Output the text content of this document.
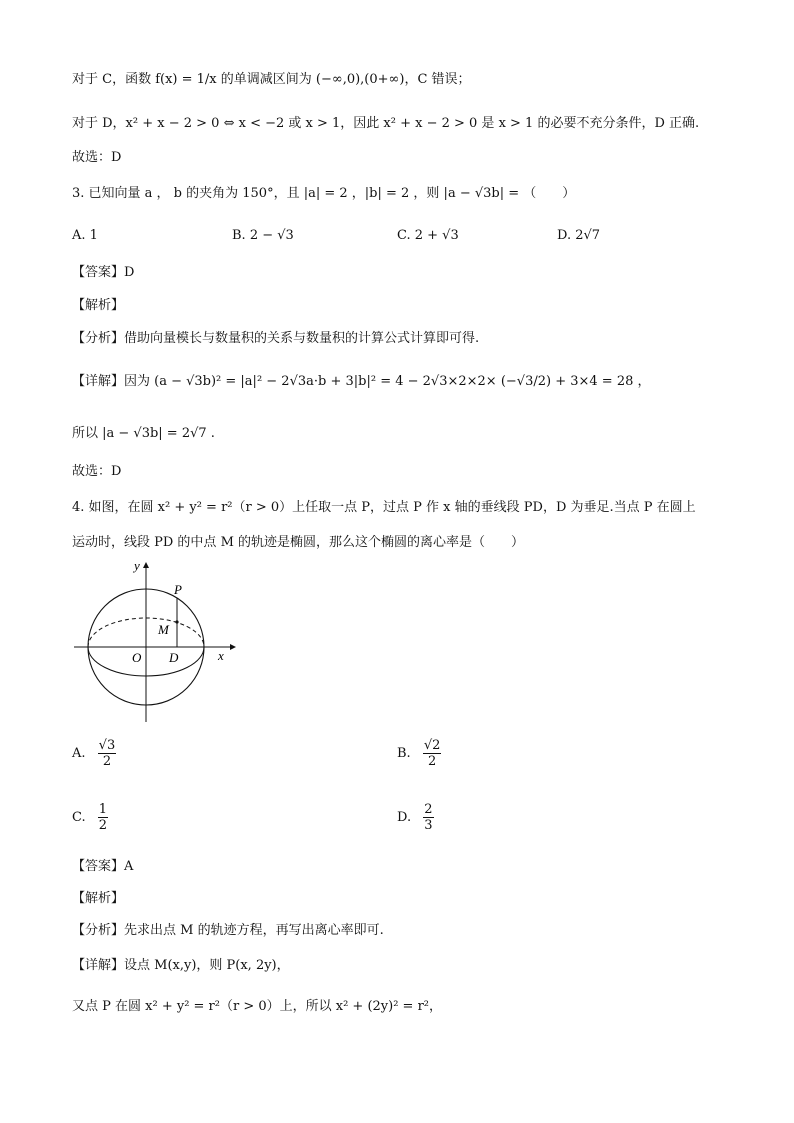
对于 C，函数 f(x) = 1/x 的单调减区间为 (−∞,0),(0+∞)，C 错误；
对于 D，x² + x − 2 > 0 ⇔ x < −2 或 x > 1，因此 x² + x − 2 > 0 是 x > 1 的必要不充分条件，D 正确.
故选：D
3. 已知向量 a ， b 的夹角为 150°，且 |a| = 2 ，|b| = 2 ，则 |a − √3b| = （　　）
A. 1	B. 2 − √3	C. 2 + √3	D. 2√7
【答案】D
【解析】
【分析】借助向量模长与数量积的关系与数量积的计算公式计算即可得.
【详解】因为 (a − √3b)² = |a|² − 2√3a·b + 3|b|² = 4 − 2√3×2×2× (−√3/2) + 3×4 = 28 ，
所以 |a − √3b| = 2√7 .
故选：D
4. 如图，在圆 x² + y² = r²（r > 0）上任取一点 P，过点 P 作 x 轴的垂线段 PD，D 为垂足.当点 P 在圆上
运动时，线段 PD 的中点 M 的轨迹是椭圆，那么这个椭圆的离心率是（　　）
y
x
P
M
O D
A. $\frac{√3}{2}$	B. $\frac{√2}{2}$
C. $\frac{1}{2}$	D. $\frac{2}{3}$
【答案】A
【解析】
【分析】先求出点 M 的轨迹方程，再写出离心率即可.
【详解】设点 M(x,y)，则 P(x, 2y)，
又点 P 在圆 x² + y² = r²（r > 0）上，所以 x² + (2y)² = r²，
